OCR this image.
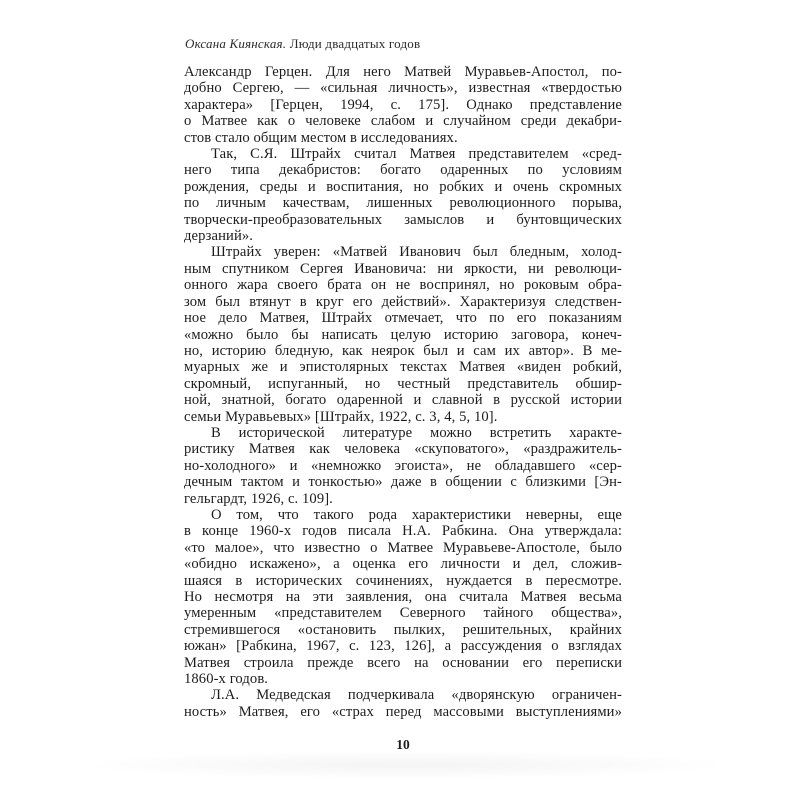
Оксана Киянская. Люди двадцатых годов
Александр Герцен. Для него Матвей Муравьев-Апостол, по-
добно Сергею, — «сильная личность», известная «твердостью
характера» [Герцен, 1994, с. 175]. Однако представление
о Матвее как о человеке слабом и случайном среди декабри-
стов стало общим местом в исследованиях.
Так, С.Я. Штрайх считал Матвея представителем «сред-
него типа декабристов: богато одаренных по условиям
рождения, среды и воспитания, но робких и очень скромных
по личным качествам, лишенных революционного порыва,
творчески-преобразовательных замыслов и бунтовщических
дерзаний».
Штрайх уверен: «Матвей Иванович был бледным, холод-
ным спутником Сергея Ивановича: ни яркости, ни революци-
онного жара своего брата он не воспринял, но роковым обра-
зом был втянут в круг его действий». Характеризуя следствен-
ное дело Матвея, Штрайх отмечает, что по его показаниям
«можно было бы написать целую историю заговора, конеч-
но, историю бледную, как неярок был и сам их автор». В ме-
муарных же и эпистолярных текстах Матвея «виден робкий,
скромный, испуганный, но честный представитель обшир-
ной, знатной, богато одаренной и славной в русской истории
семьи Муравьевых» [Штрайх, 1922, с. 3, 4, 5, 10].
В исторической литературе можно встретить характе-
ристику Матвея как человека «скуповатого», «раздражитель-
но-холодного» и «немножко эгоиста», не обладавшего «сер-
дечным тактом и тонкостью» даже в общении с близкими [Эн-
гельгардт, 1926, с. 109].
О том, что такого рода характеристики неверны, еще
в конце 1960-х годов писала Н.А. Рабкина. Она утверждала:
«то малое», что известно о Матвее Муравьеве-Апостоле, было
«обидно искажено», а оценка его личности и дел, сложив-
шаяся в исторических сочинениях, нуждается в пересмотре.
Но несмотря на эти заявления, она считала Матвея весьма
умеренным «представителем Северного тайного общества»,
стремившегося «остановить пылких, решительных, крайних
южан» [Рабкина, 1967, с. 123, 126], а рассуждения о взглядах
Матвея строила прежде всего на основании его переписки
1860-х годов.
Л.А. Медведская подчеркивала «дворянскую ограничен-
ность» Матвея, его «страх перед массовыми выступлениями»
10
